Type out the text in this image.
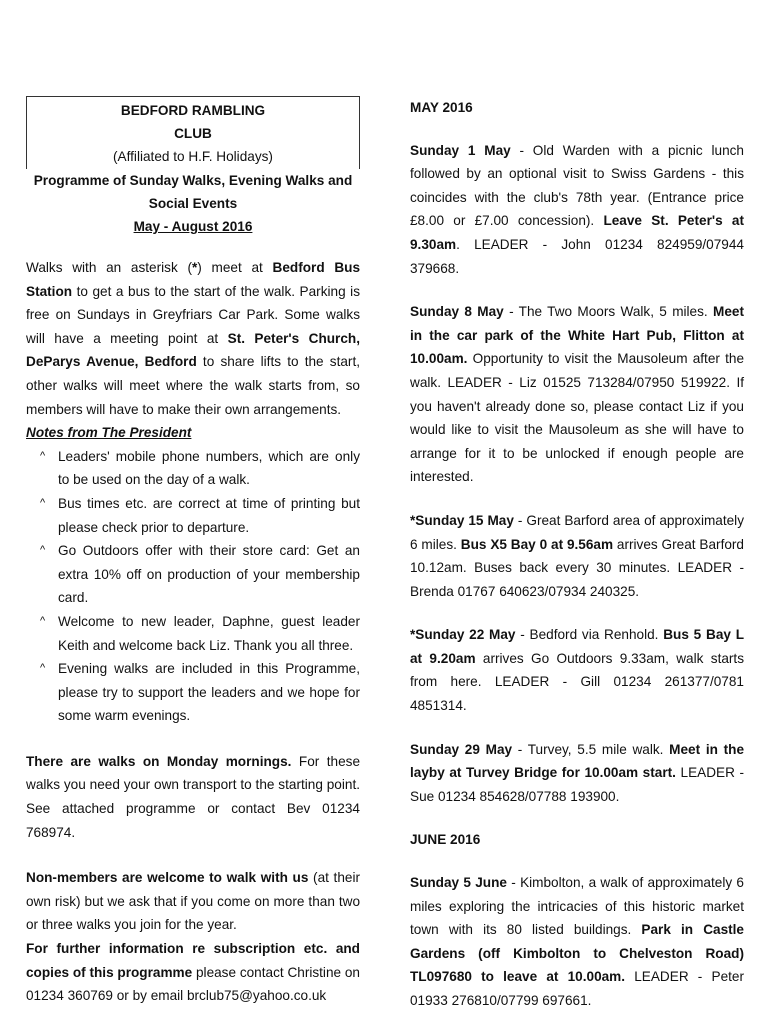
BEDFORD RAMBLING
CLUB
(Affiliated to H.F. Holidays)
Programme of Sunday Walks, Evening Walks and Social Events
May - August 2016

Walks with an asterisk (*) meet at Bedford Bus Station to get a bus to the start of the walk. Parking is free on Sundays in Greyfriars Car Park. Some walks will have a meeting point at St. Peter's Church, DeParys Avenue, Bedford to share lifts to the start, other walks will meet where the walk starts from, so members will have to make their own arrangements.

Notes from The President
^ Leaders' mobile phone numbers, which are only to be used on the day of a walk.
^ Bus times etc. are correct at time of printing but please check prior to departure.
^ Go Outdoors offer with their store card: Get an extra 10% off on production of your membership card.
^ Welcome to new leader, Daphne, guest leader Keith and welcome back Liz. Thank you all three.
^ Evening walks are included in this Programme, please try to support the leaders and we hope for some warm evenings.

There are walks on Monday mornings. For these walks you need your own transport to the starting point. See attached programme or contact Bev 01234 768974.

Non-members are welcome to walk with us (at their own risk) but we ask that if you come on more than two or three walks you join for the year.

For further information re subscription etc. and copies of this programme please contact Christine on 01234 360769 or by email brclub75@yahoo.co.uk

MAY 2016

Sunday 1 May - Old Warden with a picnic lunch followed by an optional visit to Swiss Gardens - this coincides with the club's 78th year. (Entrance price £8.00 or £7.00 concession). Leave St. Peter's at 9.30am. LEADER - John 01234 824959/07944 379668.

Sunday 8 May - The Two Moors Walk, 5 miles. Meet in the car park of the White Hart Pub, Flitton at 10.00am. Opportunity to visit the Mausoleum after the walk. LEADER - Liz 01525 713284/07950 519922. If you haven't already done so, please contact Liz if you would like to visit the Mausoleum as she will have to arrange for it to be unlocked if enough people are interested.

*Sunday 15 May - Great Barford area of approximately 6 miles. Bus X5 Bay 0 at 9.56am arrives Great Barford 10.12am. Buses back every 30 minutes. LEADER - Brenda 01767 640623/07934 240325.

*Sunday 22 May - Bedford via Renhold. Bus 5 Bay L at 9.20am arrives Go Outdoors 9.33am, walk starts from here. LEADER - Gill 01234 261377/0781 4851314.

Sunday 29 May - Turvey, 5.5 mile walk. Meet in the layby at Turvey Bridge for 10.00am start. LEADER - Sue 01234 854628/07788 193900.

JUNE 2016

Sunday 5 June - Kimbolton, a walk of approximately 6 miles exploring the intricacies of this historic market town with its 80 listed buildings. Park in Castle Gardens (off Kimbolton to Chelveston Road) TL097680 to leave at 10.00am. LEADER - Peter 01933 276810/07799 697661.
